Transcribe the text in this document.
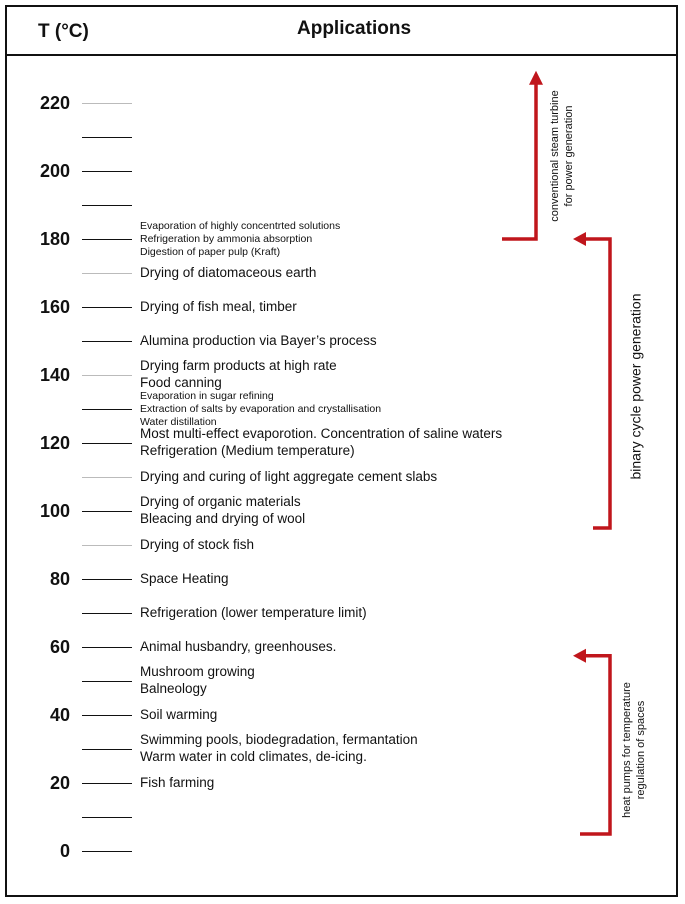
T (°C)	Applications
220
200
180
160
140
120
100
80
60
40
20
0
Evaporation of highly concentrted solutions
Refrigeration by ammonia absorption
Digestion of paper pulp (Kraft)
Drying of diatomaceous earth
Drying of fish meal, timber
Alumina production via Bayer’s process
Drying farm products at high rate
Food canning
Evaporation in sugar refining
Extraction of salts by evaporation and crystallisation
Water distillation
Most multi-effect evaporotion. Concentration of saline waters
Refrigeration (Medium temperature)
Drying and curing of light aggregate cement slabs
Drying of organic materials
Bleacing and drying of wool
Drying of stock fish
Space Heating
Refrigeration (lower temperature limit)
Animal husbandry, greenhouses.
Mushroom growing
Balneology
Soil warming
Swimming pools, biodegradation, fermantation
Warm water in cold climates, de-icing.
Fish farming
conventional steam turbine for power generation
binary cycle power generation
heat pumps for temperature regulation of spaces
